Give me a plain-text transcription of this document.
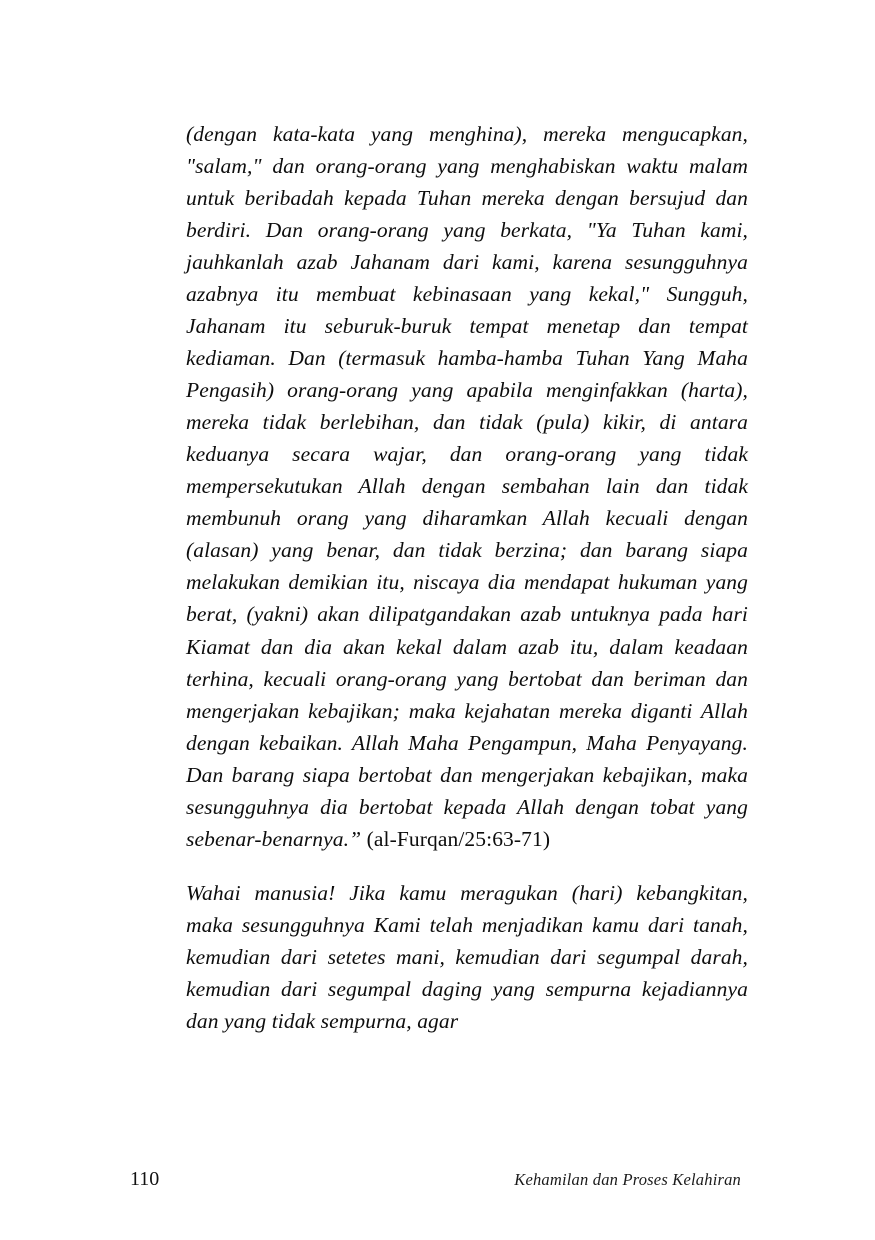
(dengan kata-kata yang menghina), mereka mengucapkan, "salam," dan orang-orang yang menghabiskan waktu malam untuk beribadah kepada Tuhan mereka dengan bersujud dan berdiri. Dan orang-orang yang berkata, "Ya Tuhan kami, jauhkanlah azab Jahanam dari kami, karena sesungguhnya azabnya itu membuat kebinasaan yang kekal," Sungguh, Jahanam itu seburuk-buruk tempat menetap dan tempat kediaman. Dan (termasuk hamba-hamba Tuhan Yang Maha Pengasih) orang-orang yang apabila menginfakkan (harta), mereka tidak berlebihan, dan tidak (pula) kikir, di antara keduanya secara wajar, dan orang-orang yang tidak mempersekutukan Allah dengan sembahan lain dan tidak membunuh orang yang diharamkan Allah kecuali dengan (alasan) yang benar, dan tidak berzina; dan barang siapa melakukan demikian itu, niscaya dia mendapat hukuman yang berat, (yakni) akan dilipatgandakan azab untuknya pada hari Kiamat dan dia akan kekal dalam azab itu, dalam keadaan terhina, kecuali orang-orang yang bertobat dan beriman dan mengerjakan kebajikan; maka kejahatan mereka diganti Allah dengan kebaikan. Allah Maha Pengampun, Maha Penyayang. Dan barang siapa bertobat dan mengerjakan kebajikan, maka sesungguhnya dia bertobat kepada Allah dengan tobat yang sebenar-benarnya.” (al-Furqan/25:63-71)

Wahai manusia! Jika kamu meragukan (hari) kebangkitan, maka sesungguhnya Kami telah menjadikan kamu dari tanah, kemudian dari setetes mani, kemudian dari segumpal darah, kemudian dari segumpal daging yang sempurna kejadiannya dan yang tidak sempurna, agar

110	Kehamilan dan Proses Kelahiran
